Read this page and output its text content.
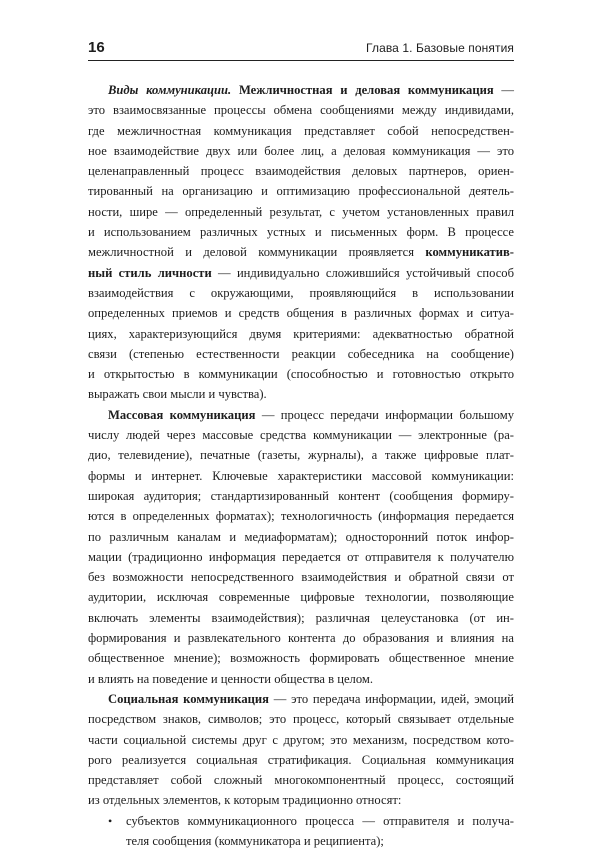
16	Глава 1. Базовые понятия
Виды коммуникации. Межличностная и деловая коммуникация —
это взаимосвязанные процессы обмена сообщениями между индивидами,
где межличностная коммуникация представляет собой непосредствен-
ное взаимодействие двух или более лиц, а деловая коммуникация — это
целенаправленный процесс взаимодействия деловых партнеров, ориен-
тированный на организацию и оптимизацию профессиональной деятель-
ности, шире — определенный результат, с учетом установленных правил
и использованием различных устных и письменных форм. В процессе
межличностной и деловой коммуникации проявляется коммуникатив-
ный стиль личности — индивидуально сложившийся устойчивый способ
взаимодействия с окружающими, проявляющийся в использовании
определенных приемов и средств общения в различных формах и ситуа-
циях, характеризующийся двумя критериями: адекватностью обратной
связи (степенью естественности реакции собеседника на сообщение)
и открытостью в коммуникации (способностью и готовностью открыто
выражать свои мысли и чувства).
Массовая коммуникация — процесс передачи информации большому
числу людей через массовые средства коммуникации — электронные (ра-
дио, телевидение), печатные (газеты, журналы), а также цифровые плат-
формы и интернет. Ключевые характеристики массовой коммуникации:
широкая аудитория; стандартизированный контент (сообщения формиру-
ются в определенных форматах); технологичность (информация передается
по различным каналам и медиаформатам); односторонний поток инфор-
мации (традиционно информация передается от отправителя к получателю
без возможности непосредственного взаимодействия и обратной связи от
аудитории, исключая современные цифровые технологии, позволяющие
включать элементы взаимодействия); различная целеустановка (от ин-
формирования и развлекательного контента до образования и влияния на
общественное мнение); возможность формировать общественное мнение
и влиять на поведение и ценности общества в целом.
Социальная коммуникация — это передача информации, идей, эмоций
посредством знаков, символов; это процесс, который связывает отдельные
части социальной системы друг с другом; это механизм, посредством кото-
рого реализуется социальная стратификация. Социальная коммуникация
представляет собой сложный многокомпонентный процесс, состоящий
из отдельных элементов, к которым традиционно относят:
• субъектов коммуникационного процесса — отправителя и получа-
теля сообщения (коммуникатора и реципиента);
